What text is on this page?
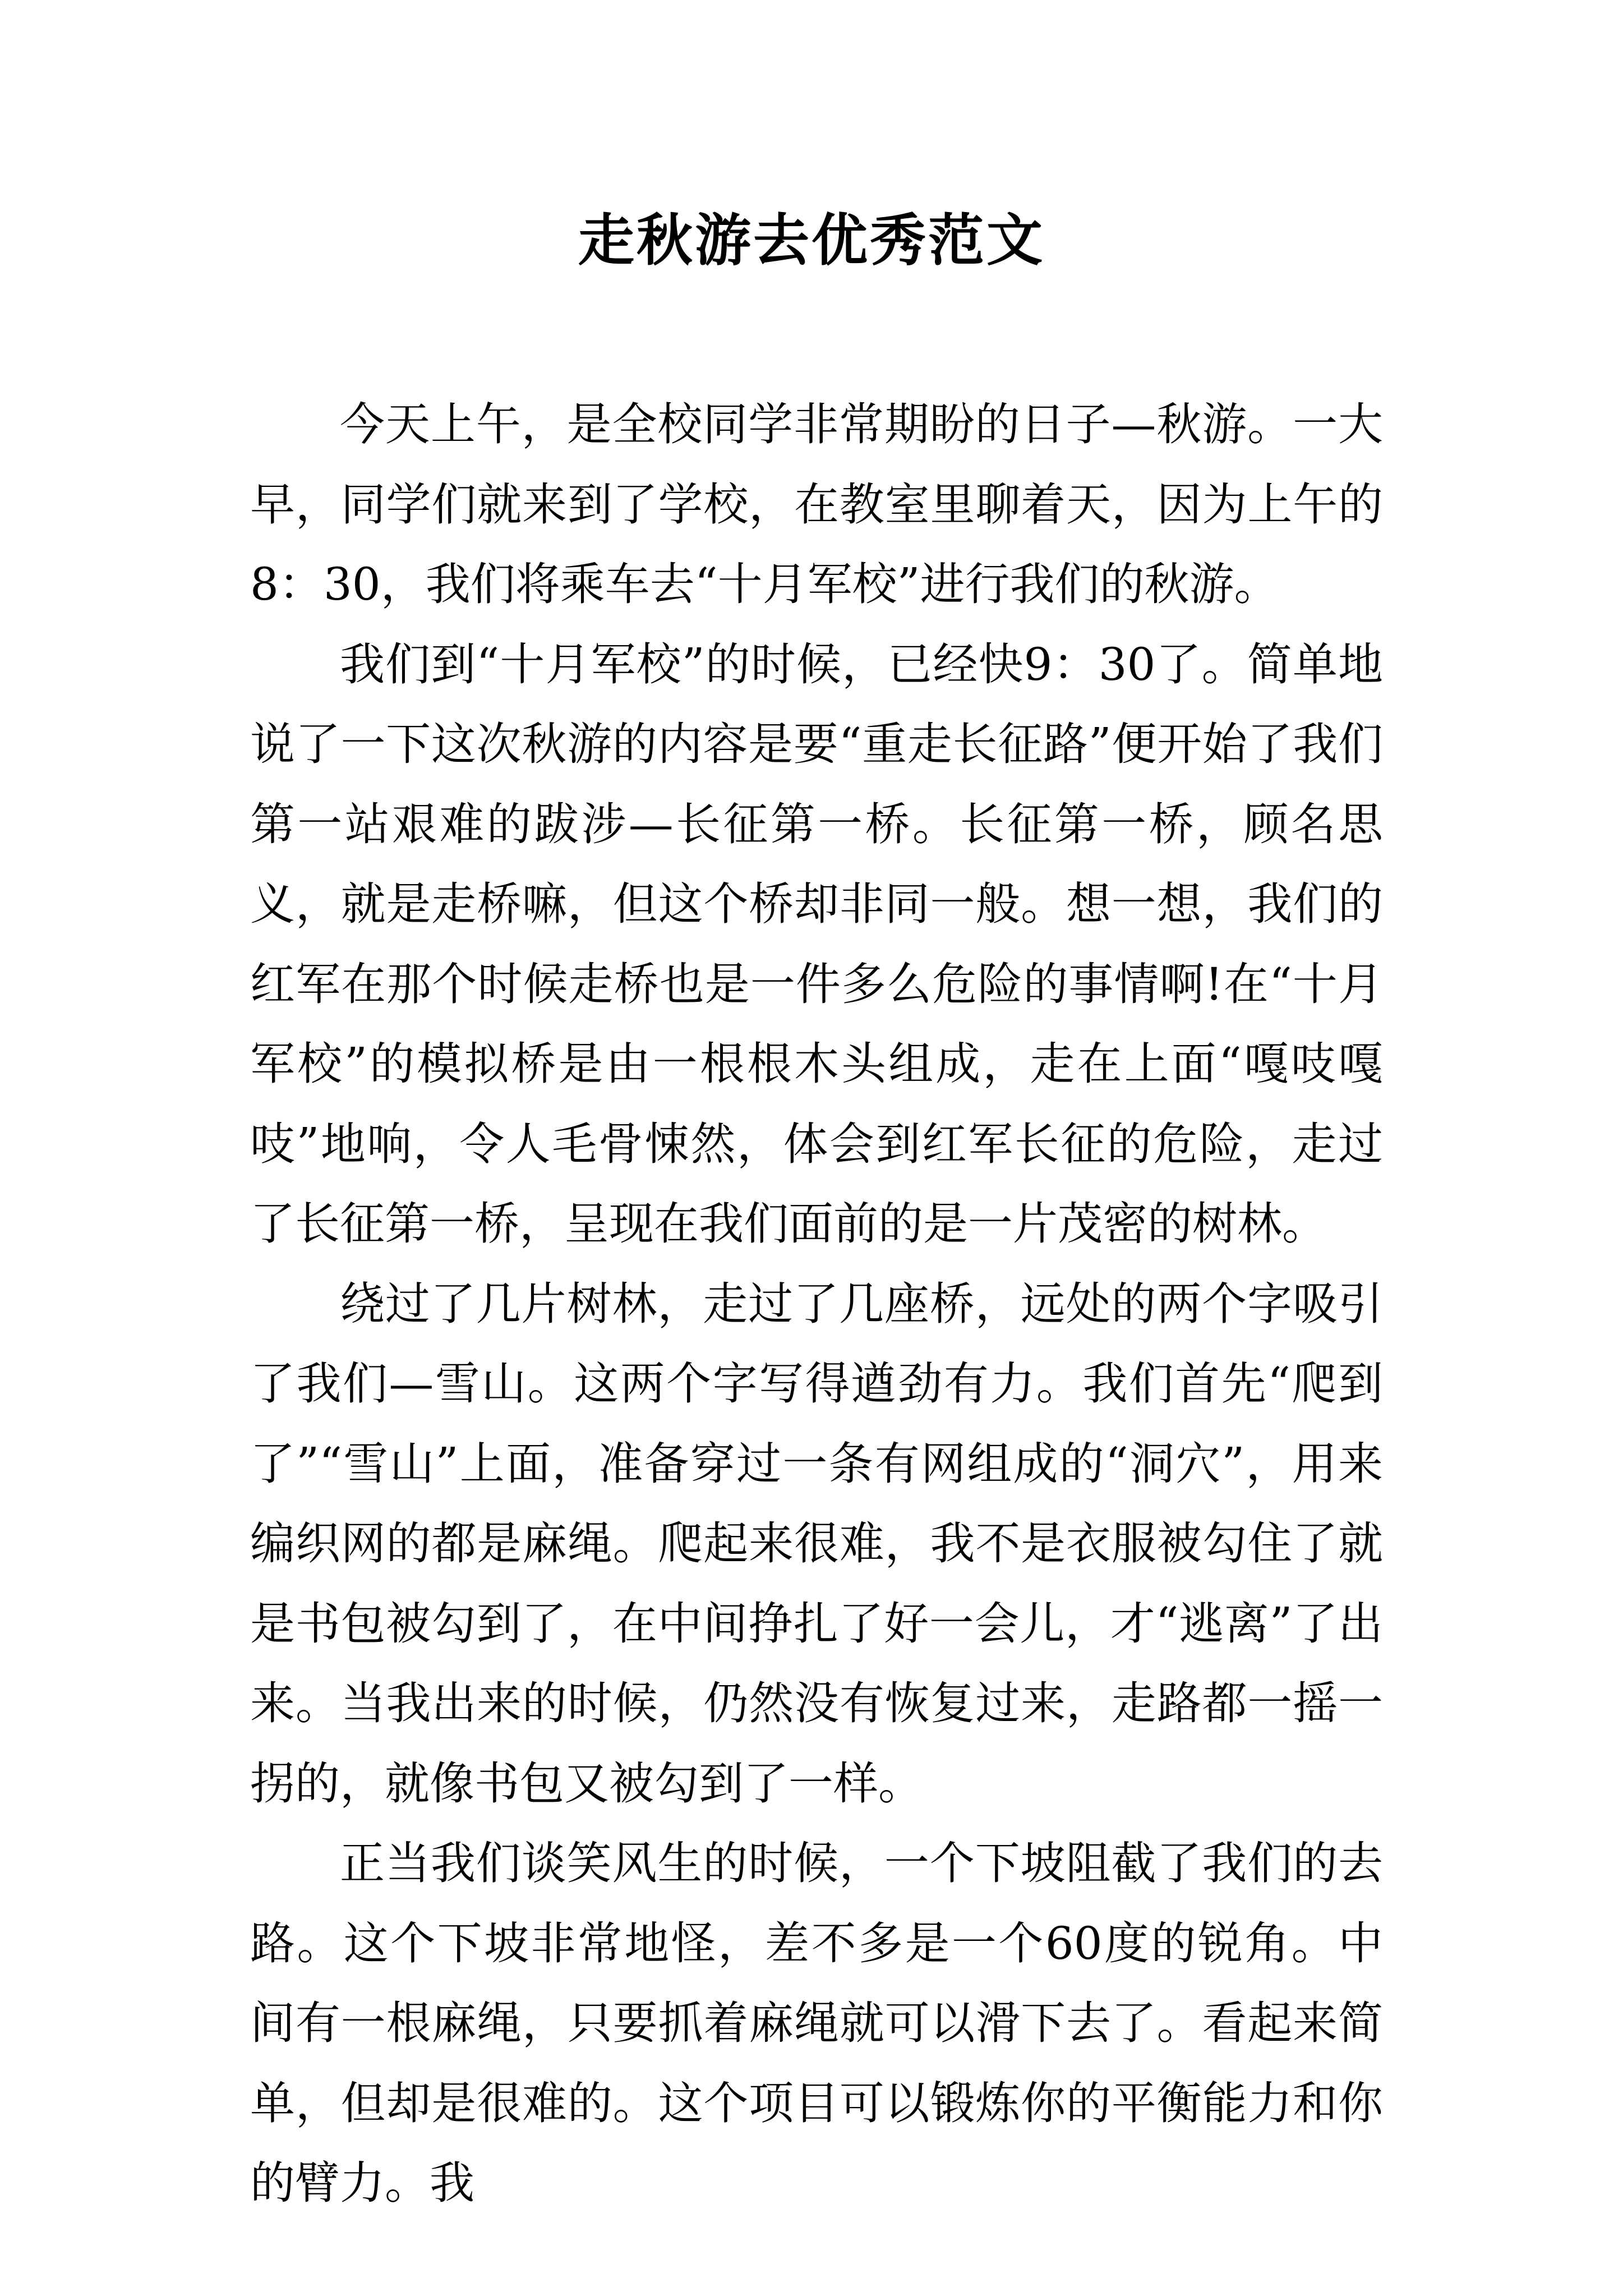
走秋游去优秀范文

今天上午，是全校同学非常期盼的日子—秋游。一大早，同学们就来到了学校，在教室里聊着天，因为上午的8：30，我们将乘车去“十月军校”进行我们的秋游。

我们到“十月军校”的时候，已经快9：30了。简单地说了一下这次秋游的内容是要“重走长征路”便开始了我们第一站艰难的跋涉—长征第一桥。长征第一桥，顾名思义，就是走桥嘛，但这个桥却非同一般。想一想，我们的红军在那个时候走桥也是一件多么危险的事情啊!在“十月军校”的模拟桥是由一根根木头组成，走在上面“嘎吱嘎吱”地响，令人毛骨悚然，体会到红军长征的危险，走过了长征第一桥，呈现在我们面前的是一片茂密的树林。

绕过了几片树林，走过了几座桥，远处的两个字吸引了我们—雪山。这两个字写得遒劲有力。我们首先“爬到了”“雪山”上面，准备穿过一条有网组成的“洞穴”，用来编织网的都是麻绳。爬起来很难，我不是衣服被勾住了就是书包被勾到了，在中间挣扎了好一会儿，才“逃离”了出来。当我出来的时候，仍然没有恢复过来，走路都一摇一拐的，就像书包又被勾到了一样。

正当我们谈笑风生的时候，一个下坡阻截了我们的去路。这个下坡非常地怪，差不多是一个60度的锐角。中间有一根麻绳，只要抓着麻绳就可以滑下去了。看起来简单，但却是很难的。这个项目可以锻炼你的平衡能力和你的臂力。我
